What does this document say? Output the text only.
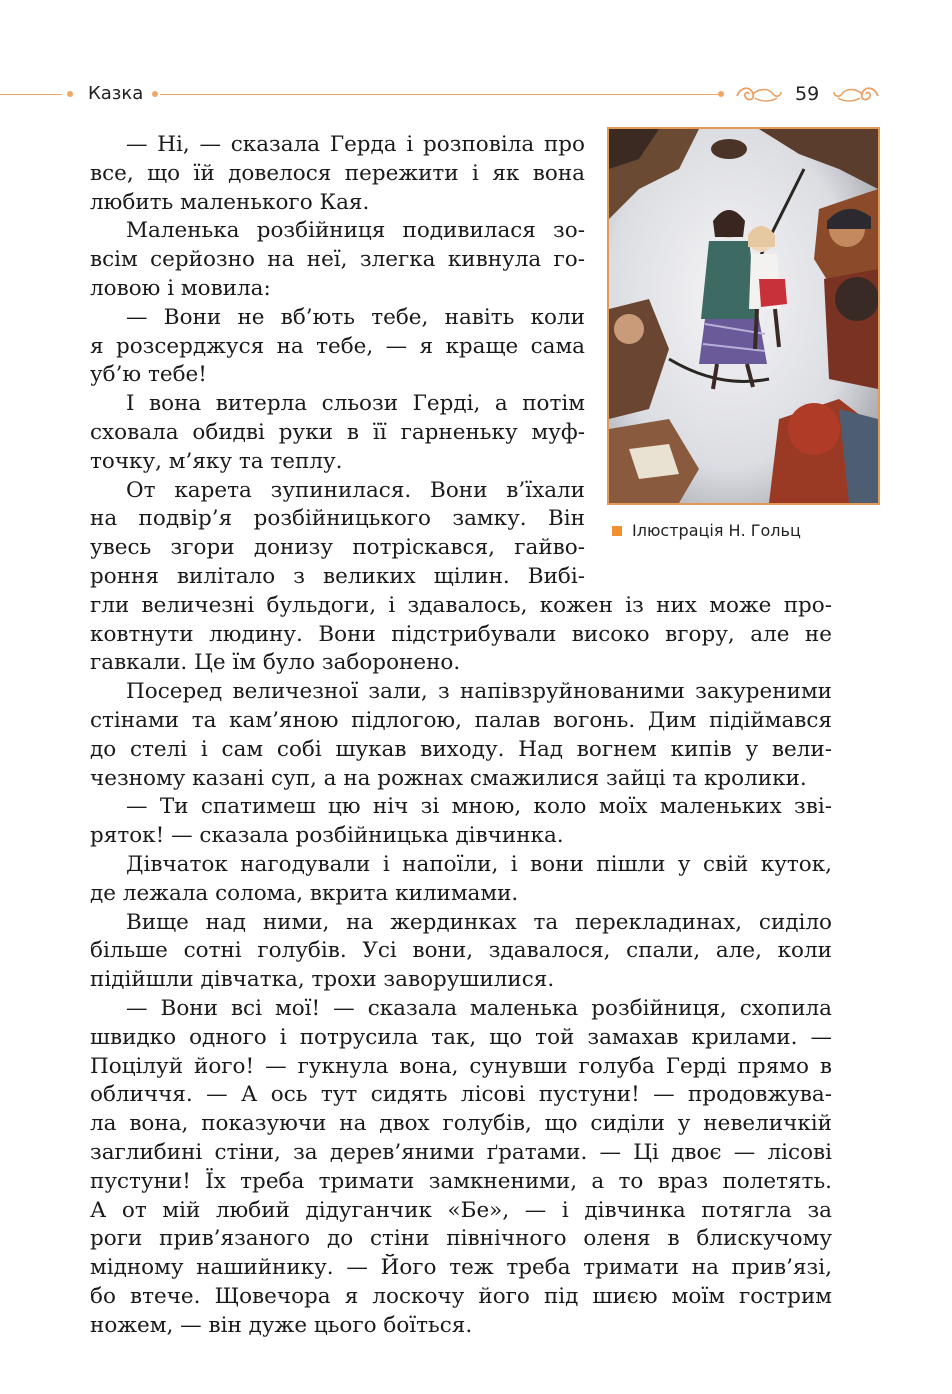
Казка	59
Ілюстрація Н. Гольц
— Ні, — сказала Герда і розповіла про
все, що їй довелося пережити і як вона
любить маленького Кая.
Маленька розбійниця подивилася зо-
всім серйозно на неї, злегка кивнула го-
ловою і мовила:
— Вони не вб’ють тебе, навіть коли
я розсерджуся на тебе, — я краще сама
уб’ю тебе!
І вона витерла сльози Герді, а потім
сховала обидві руки в її гарненьку муф-
точку, м’яку та теплу.
От карета зупинилася. Вони в’їхали
на подвір’я розбійницького замку. Він
увесь згори донизу потріскався, гайво-
роння вилітало з великих щілин. Вибі-
гли величезні бульдоги, і здавалось, кожен із них може про-
ковтнути людину. Вони підстрибували високо вгору, але не
гавкали. Це їм було заборонено.
Посеред величезної зали, з напівзруйнованими закуреними
стінами та кам’яною підлогою, палав вогонь. Дим підіймався
до стелі і сам собі шукав виходу. Над вогнем кипів у вели-
чезному казані суп, а на рожнах смажилися зайці та кролики.
— Ти спатимеш цю ніч зі мною, коло моїх маленьких зві-
ряток! — сказала розбійницька дівчинка.
Дівчаток нагодували і напоїли, і вони пішли у свій куток,
де лежала солома, вкрита килимами.
Вище над ними, на жердинках та перекладинах, сиділо
більше сотні голубів. Усі вони, здавалося, спали, але, коли
підійшли дівчатка, трохи заворушилися.
— Вони всі мої! — сказала маленька розбійниця, схопила
швидко одного і потрусила так, що той замахав крилами. —
Поцілуй його! — гукнула вона, сунувши голуба Герді прямо в
обличчя. — А ось тут сидять лісові пустуни! — продовжува-
ла вона, показуючи на двох голубів, що сиділи у невеличкій
заглибині стіни, за дерев’яними ґратами. — Ці двоє — лісові
пустуни! Їх треба тримати замкненими, а то враз полетять.
А от мій любий дідуганчик «Бе», — і дівчинка потягла за
роги прив’язаного до стіни північного оленя в блискучому
мідному нашийнику. — Його теж треба тримати на прив’язі,
бо втече. Щовечора я лоскочу його під шиєю моїм гострим
ножем, — він дуже цього боїться.
